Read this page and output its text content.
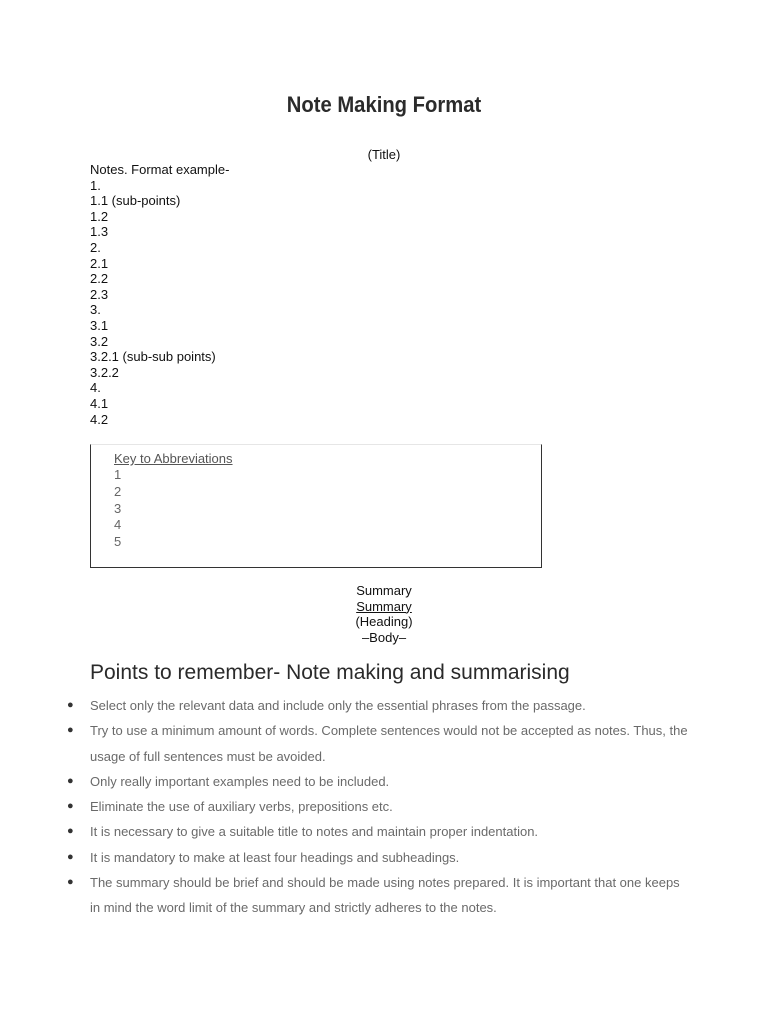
Note Making Format
(Title)
Notes. Format example-
1.
1.1 (sub-points)
1.2
1.3
2.
2.1
2.2
2.3
3.
3.1
3.2
3.2.1 (sub-sub points)
3.2.2
4.
4.1
4.2
Key to Abbreviations
1
2
3
4
5
Summary
Summary
(Heading)
–Body–
Points to remember- Note making and summarising
● Select only the relevant data and include only the essential phrases from the passage.
● Try to use a minimum amount of words. Complete sentences would not be accepted as notes. Thus, the usage of full sentences must be avoided.
● Only really important examples need to be included.
● Eliminate the use of auxiliary verbs, prepositions etc.
● It is necessary to give a suitable title to notes and maintain proper indentation.
● It is mandatory to make at least four headings and subheadings.
● The summary should be brief and should be made using notes prepared. It is important that one keeps in mind the word limit of the summary and strictly adheres to the notes.
